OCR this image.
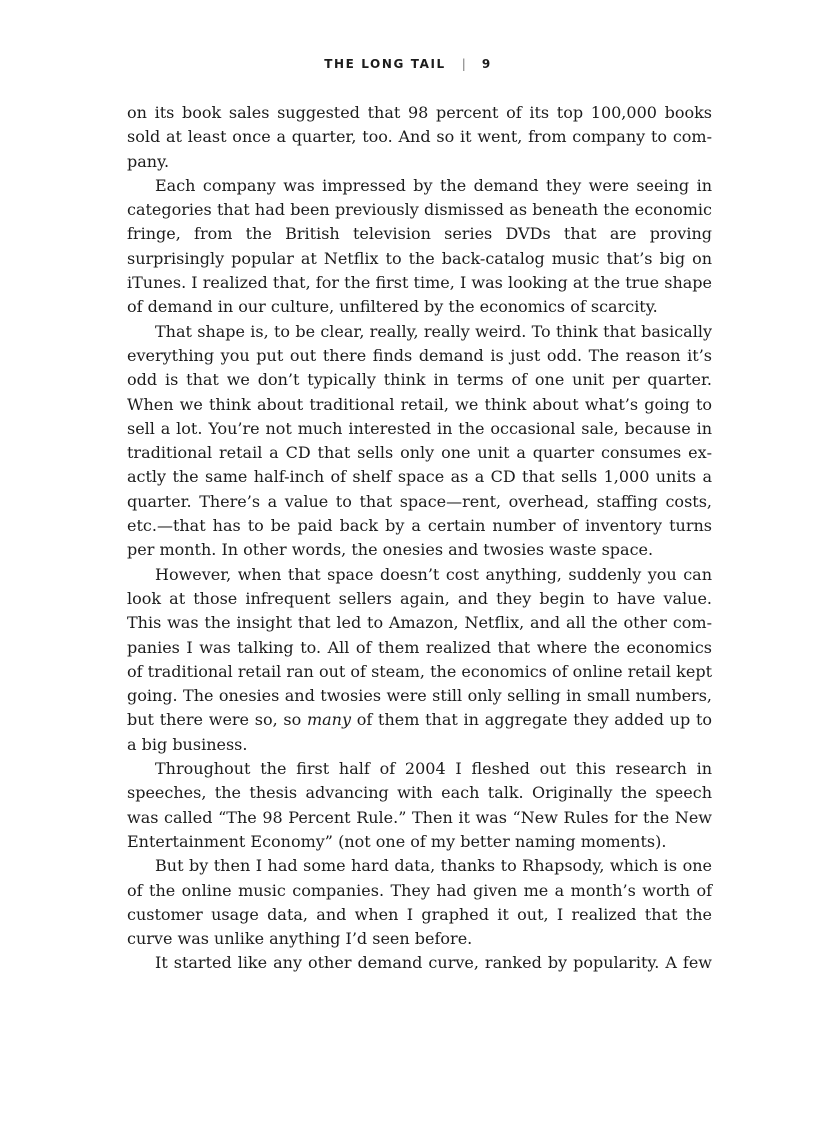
THE LONG TAIL | 9

on its book sales suggested that 98 percent of its top 100,000 books sold at least once a quarter, too. And so it went, from company to company.

Each company was impressed by the demand they were seeing in categories that had been previously dismissed as beneath the economic fringe, from the British television series DVDs that are proving surprisingly popular at Netflix to the back-catalog music that’s big on iTunes. I realized that, for the first time, I was looking at the true shape of demand in our culture, unfiltered by the economics of scarcity.

That shape is, to be clear, really, really weird. To think that basically everything you put out there finds demand is just odd. The reason it’s odd is that we don’t typically think in terms of one unit per quarter. When we think about traditional retail, we think about what’s going to sell a lot. You’re not much interested in the occasional sale, because in traditional retail a CD that sells only one unit a quarter consumes exactly the same half-inch of shelf space as a CD that sells 1,000 units a quarter. There’s a value to that space—rent, overhead, staffing costs, etc.—that has to be paid back by a certain number of inventory turns per month. In other words, the onesies and twosies waste space.

However, when that space doesn’t cost anything, suddenly you can look at those infrequent sellers again, and they begin to have value. This was the insight that led to Amazon, Netflix, and all the other companies I was talking to. All of them realized that where the economics of traditional retail ran out of steam, the economics of online retail kept going. The onesies and twosies were still only selling in small numbers, but there were so, so many of them that in aggregate they added up to a big business.

Throughout the first half of 2004 I fleshed out this research in speeches, the thesis advancing with each talk. Originally the speech was called “The 98 Percent Rule.” Then it was “New Rules for the New Entertainment Economy” (not one of my better naming moments).

But by then I had some hard data, thanks to Rhapsody, which is one of the online music companies. They had given me a month’s worth of customer usage data, and when I graphed it out, I realized that the curve was unlike anything I’d seen before.

It started like any other demand curve, ranked by popularity. A few
